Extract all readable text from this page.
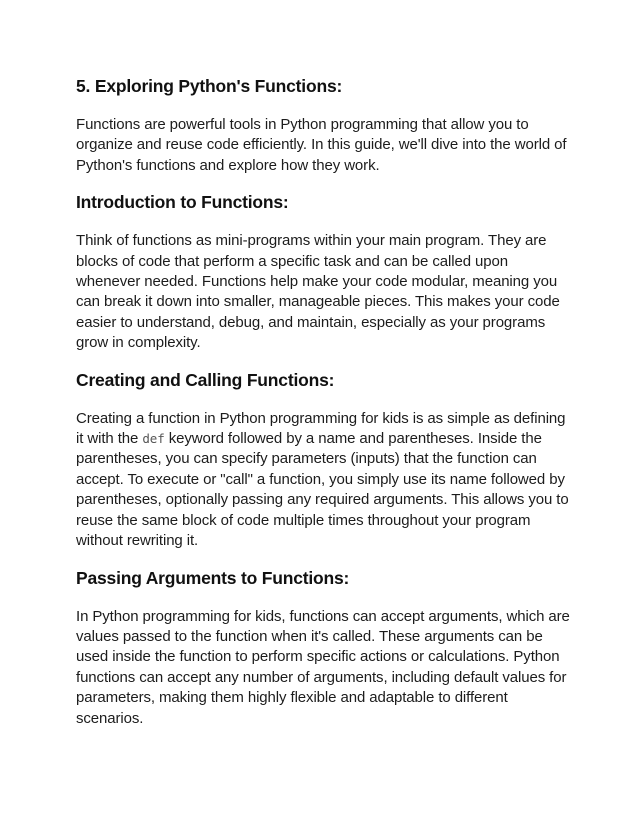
5. Exploring Python's Functions:

Functions are powerful tools in Python programming that allow you to organize and reuse code efficiently. In this guide, we'll dive into the world of Python's functions and explore how they work.

Introduction to Functions:

Think of functions as mini-programs within your main program. They are blocks of code that perform a specific task and can be called upon whenever needed. Functions help make your code modular, meaning you can break it down into smaller, manageable pieces. This makes your code easier to understand, debug, and maintain, especially as your programs grow in complexity.

Creating and Calling Functions:

Creating a function in Python programming for kids is as simple as defining it with the def keyword followed by a name and parentheses. Inside the parentheses, you can specify parameters (inputs) that the function can accept. To execute or "call" a function, you simply use its name followed by parentheses, optionally passing any required arguments. This allows you to reuse the same block of code multiple times throughout your program without rewriting it.

Passing Arguments to Functions:

In Python programming for kids, functions can accept arguments, which are values passed to the function when it's called. These arguments can be used inside the function to perform specific actions or calculations. Python functions can accept any number of arguments, including default values for parameters, making them highly flexible and adaptable to different scenarios.
